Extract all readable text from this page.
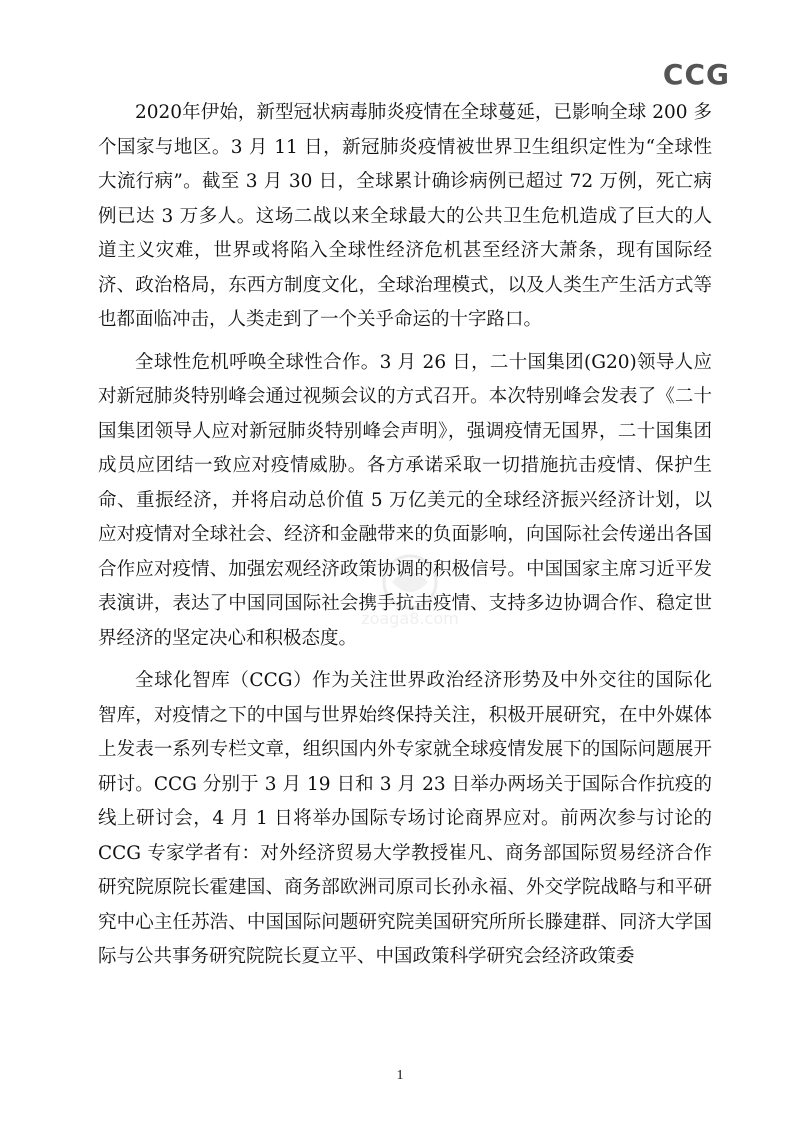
CCG
zoaga8.com

2020年伊始，新型冠状病毒肺炎疫情在全球蔓延，已影响全球 200 多个国家与地区。3 月 11 日，新冠肺炎疫情被世界卫生组织定性为“全球性大流行病”。截至 3 月 30 日，全球累计确诊病例已超过 72 万例，死亡病例已达 3 万多人。这场二战以来全球最大的公共卫生危机造成了巨大的人道主义灾难，世界或将陷入全球性经济危机甚至经济大萧条，现有国际经济、政治格局，东西方制度文化，全球治理模式，以及人类生产生活方式等也都面临冲击，人类走到了一个关乎命运的十字路口。

全球性危机呼唤全球性合作。3 月 26 日，二十国集团(G20)领导人应对新冠肺炎特别峰会通过视频会议的方式召开。本次特别峰会发表了《二十国集团领导人应对新冠肺炎特别峰会声明》，强调疫情无国界，二十国集团成员应团结一致应对疫情威胁。各方承诺采取一切措施抗击疫情、保护生命、重振经济，并将启动总价值 5 万亿美元的全球经济振兴经济计划，以应对疫情对全球社会、经济和金融带来的负面影响，向国际社会传递出各国合作应对疫情、加强宏观经济政策协调的积极信号。中国国家主席习近平发表演讲，表达了中国同国际社会携手抗击疫情、支持多边协调合作、稳定世界经济的坚定决心和积极态度。

全球化智库（CCG）作为关注世界政治经济形势及中外交往的国际化智库，对疫情之下的中国与世界始终保持关注，积极开展研究，在中外媒体上发表一系列专栏文章，组织国内外专家就全球疫情发展下的国际问题展开研讨。CCG 分别于 3 月 19 日和 3 月 23 日举办两场关于国际合作抗疫的线上研讨会，4 月 1 日将举办国际专场讨论商界应对。前两次参与讨论的 CCG 专家学者有：对外经济贸易大学教授崔凡、商务部国际贸易经济合作研究院原院长霍建国、商务部欧洲司原司长孙永福、外交学院战略与和平研究中心主任苏浩、中国国际问题研究院美国研究所所长滕建群、同济大学国际与公共事务研究院院长夏立平、中国政策科学研究会经济政策委

1
